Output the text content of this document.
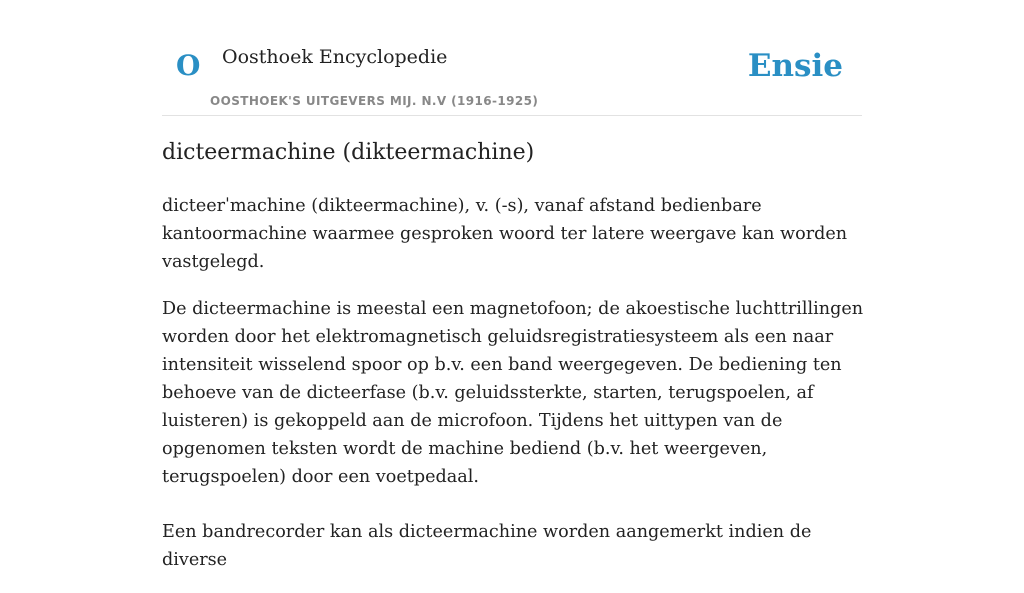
O Oosthoek Encyclopedie
OOSTHOEK'S UITGEVERS MIJ. N.V (1916-1925)
Ensie
dicteermachine (dikteermachine)

dicteerˈmachine (dikteermachine), v. (-s), vanaf afstand bedienbare kantoormachine waarmee gesproken woord ter latere weergave kan worden vastgelegd.

De dicteermachine is meestal een magnetofoon; de akoestische luchttrillingen worden door het elektromagnetisch geluidsregistratiesysteem als een naar intensiteit wisselend spoor op b.v. een band weergegeven. De bediening ten behoeve van de dicteerfase (b.v. geluidssterkte, starten, terugspoelen, af luisteren) is gekoppeld aan de microfoon. Tijdens het uittypen van de opgenomen teksten wordt de machine bediend (b.v. het weergeven, terugspoelen) door een voetpedaal.

Een bandrecorder kan als dicteermachine worden aangemerkt indien de diverse
